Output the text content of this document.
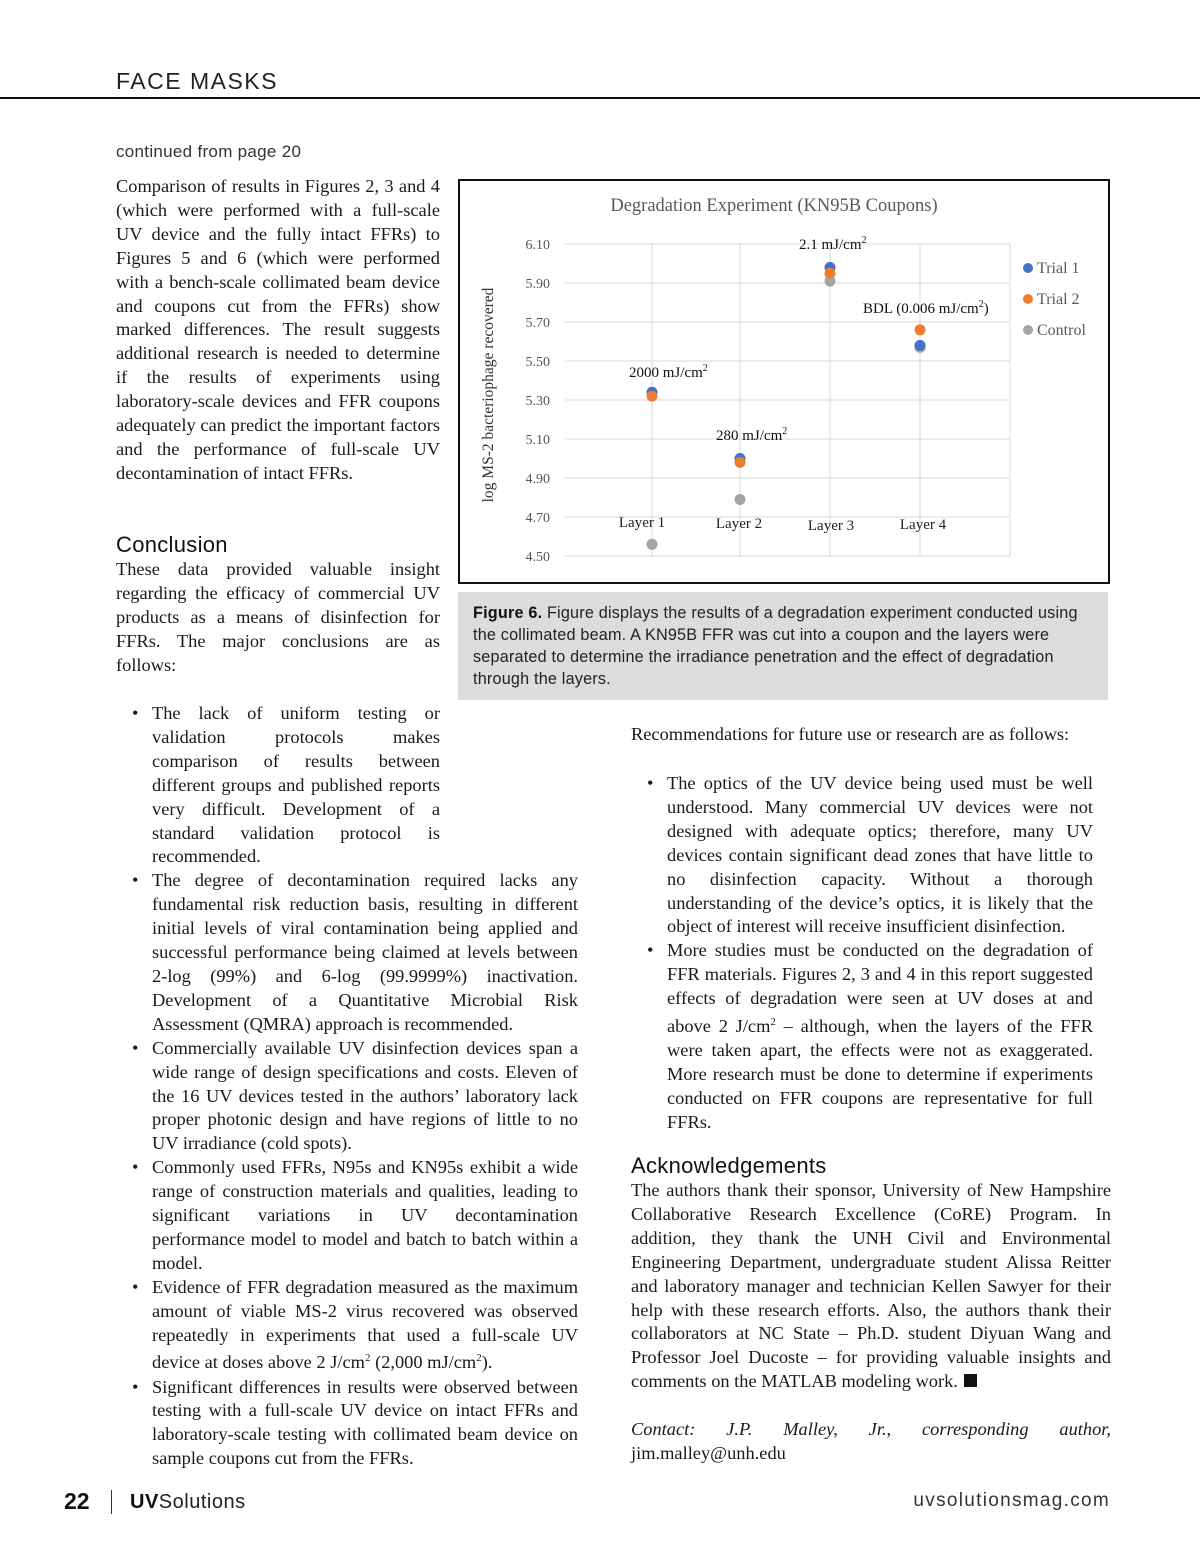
FACE MASKS
continued from page 20
Comparison of results in Figures 2, 3 and 4 (which were performed with a full-scale UV device and the fully intact FFRs) to Figures 5 and 6 (which were performed with a bench-scale collimated beam device and coupons cut from the FFRs) show marked differences. The result suggests additional research is needed to determine if the results of experiments using laboratory-scale devices and FFR coupons adequately can predict the important factors and the performance of full-scale UV decontamination of intact FFRs.
Conclusion
These data provided valuable insight regarding the efficacy of commercial UV products as a means of disinfection for FFRs. The major conclusions are as follows:
Degradation Experiment (KN95B Coupons)
log MS-2 bacteriophage recovered
4.50
4.70
4.90
5.10
5.30
5.50
5.70
5.90
6.10
Layer 1	Layer 2	Layer 3	Layer 4
2000 $mJ/cm^2$
280 $mJ/cm^2$
2.1 $mJ/cm^2$
BDL (0.006 $mJ/cm^2$)
Trial 1
Trial 2
Control
Figure 6. Figure displays the results of a degradation experiment conducted using the collimated beam. A KN95B FFR was cut into a coupon and the layers were separated to determine the irradiance penetration and the effect of degradation through the layers.
• The lack of uniform testing or validation protocols makes comparison of results between different groups and published reports very difficult. Development of a standard validation protocol is recommended.
• The degree of decontamination required lacks any fundamental risk reduction basis, resulting in different initial levels of viral contamination being applied and successful performance being claimed at levels between 2-log (99%) and 6-log (99.9999%) inactivation. Development of a Quantitative Microbial Risk Assessment (QMRA) approach is recommended.
• Commercially available UV disinfection devices span a wide range of design specifications and costs. Eleven of the 16 UV devices tested in the authors’ laboratory lack proper photonic design and have regions of little to no UV irradiance (cold spots).
• Commonly used FFRs, N95s and KN95s exhibit a wide range of construction materials and qualities, leading to significant variations in UV decontamination performance model to model and batch to batch within a model.
• Evidence of FFR degradation measured as the maximum amount of viable MS-2 virus recovered was observed repeatedly in experiments that used a full-scale UV device at doses above 2 $J/cm^2$ (2,000 $mJ/cm^2$).
• Significant differences in results were observed between testing with a full-scale UV device on intact FFRs and laboratory-scale testing with collimated beam device on sample coupons cut from the FFRs.
Recommendations for future use or research are as follows:
• The optics of the UV device being used must be well understood. Many commercial UV devices were not designed with adequate optics; therefore, many UV devices contain significant dead zones that have little to no disinfection capacity. Without a thorough understanding of the device’s optics, it is likely that the object of interest will receive insufficient disinfection.
• More studies must be conducted on the degradation of FFR materials. Figures 2, 3 and 4 in this report suggested effects of degradation were seen at UV doses at and above 2 $J/cm^2$ – although, when the layers of the FFR were taken apart, the effects were not as exaggerated. More research must be done to determine if experiments conducted on FFR coupons are representative for full FFRs.
Acknowledgements
The authors thank their sponsor, University of New Hampshire Collaborative Research Excellence (CoRE) Program. In addition, they thank the UNH Civil and Environmental Engineering Department, undergraduate student Alissa Reitter and laboratory manager and technician Kellen Sawyer for their help with these research efforts. Also, the authors thank their collaborators at NC State – Ph.D. student Diyuan Wang and Professor Joel Ducoste – for providing valuable insights and comments on the MATLAB modeling work.
Contact: J.P. Malley, Jr., corresponding author,
jim.malley@unh.edu
22 UVSolutions	uvsolutionsmag.com
